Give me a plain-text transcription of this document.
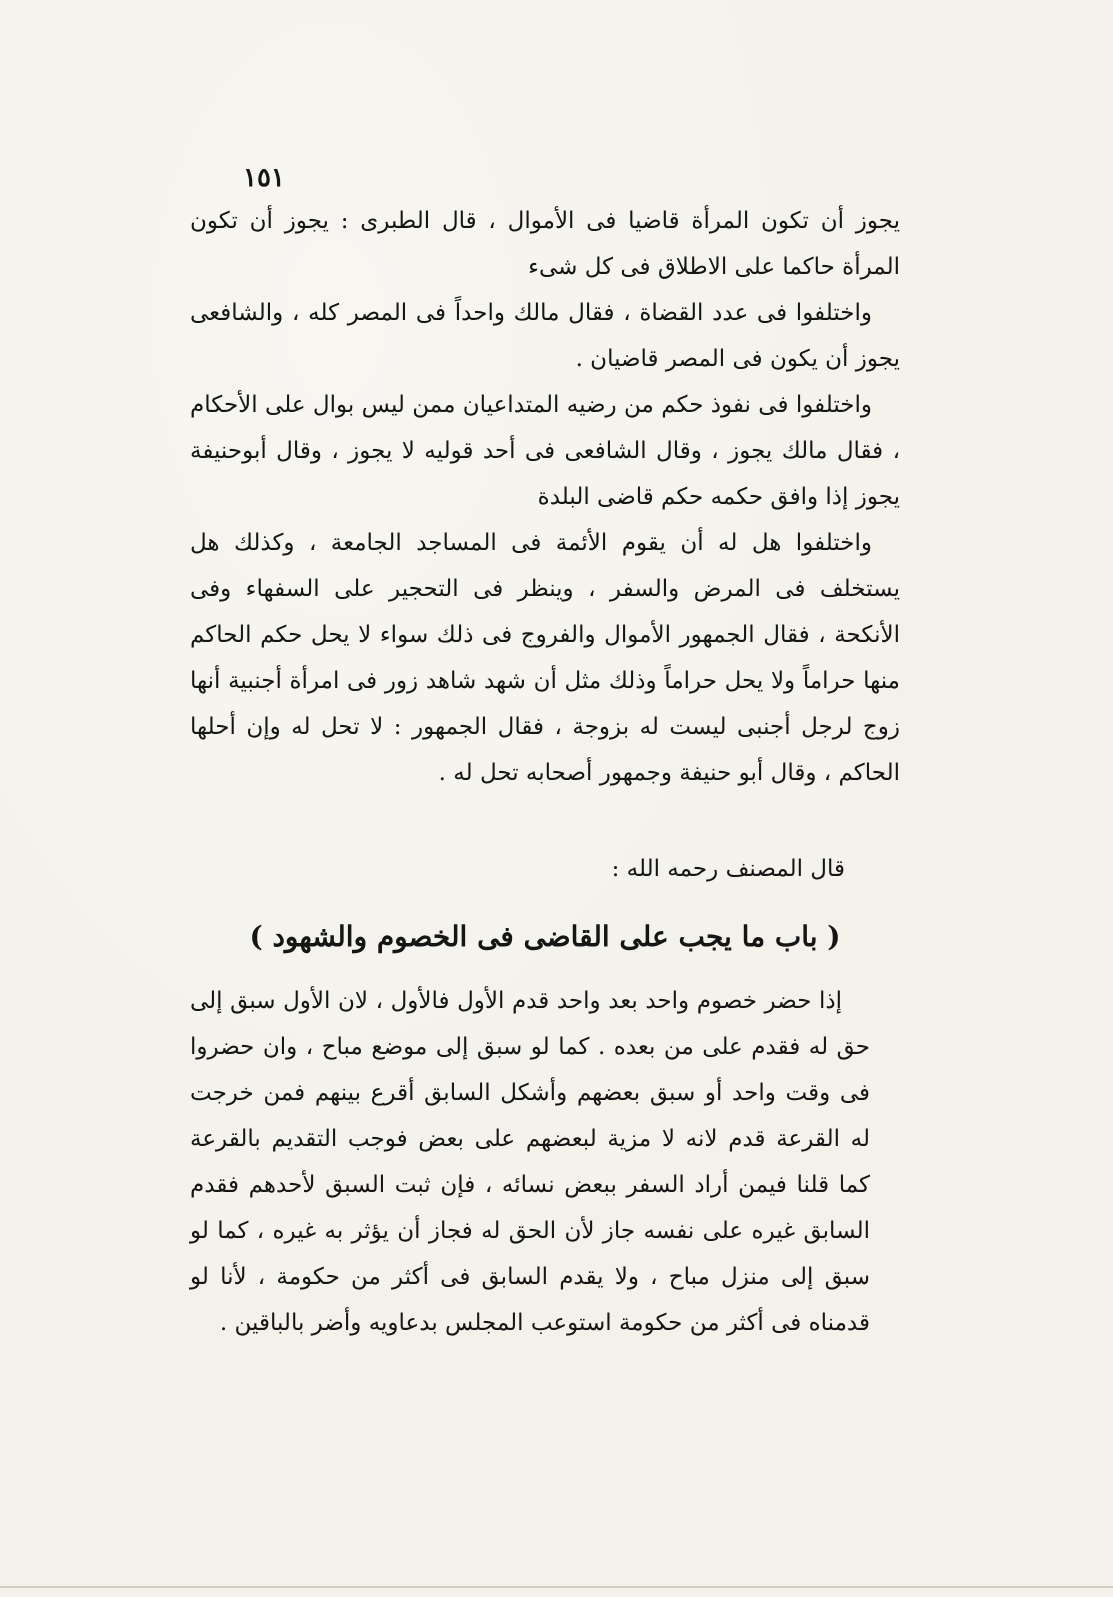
١٥١

يجوز أن تكون المرأة قاضيا فى الأموال ، قال الطبرى : يجوز أن تكون المرأة حاكما على الاطلاق فى كل شىء

واختلفوا فى عدد القضاة ، فقال مالك واحداً فى المصر كله ، والشافعى يجوز أن يكون فى المصر قاضيان .

واختلفوا فى نفوذ حكم من رضيه المتداعيان ممن ليس بوال على الأحكام ، فقال مالك يجوز ، وقال الشافعى فى أحد قوليه لا يجوز ، وقال أبوحنيفة يجوز إذا وافق حكمه حكم قاضى البلدة

واختلفوا هل له أن يقوم الأئمة فى المساجد الجامعة ، وكذلك هل يستخلف فى المرض والسفر ، وينظر فى التحجير على السفهاء وفى الأنكحة ، فقال الجمهور الأموال والفروج فى ذلك سواء لا يحل حكم الحاكم منها حراماً ولا يحل حراماً وذلك مثل أن شهد شاهد زور فى امرأة أجنبية أنها زوج لرجل أجنبى ليست له بزوجة ، فقال الجمهور : لا تحل له وإن أحلها الحاكم ، وقال أبو حنيفة وجمهور أصحابه تحل له .

قال المصنف رحمه الله :
( باب ما يجب على القاضى فى الخصوم والشهود )

إذا حضر خصوم واحد بعد واحد قدم الأول فالأول ، لان الأول سبق إلى حق له فقدم على من بعده . كما لو سبق إلى موضع مباح ، وان حضروا فى وقت واحد أو سبق بعضهم وأشكل السابق أقرع بينهم فمن خرجت له القرعة قدم لانه لا مزية لبعضهم على بعض فوجب التقديم بالقرعة كما قلنا فيمن أراد السفر ببعض نسائه ، فإن ثبت السبق لأحدهم فقدم السابق غيره على نفسه جاز لأن الحق له فجاز أن يؤثر به غيره ، كما لو سبق إلى منزل مباح ، ولا يقدم السابق فى أكثر من حكومة ، لأنا لو قدمناه فى أكثر من حكومة استوعب المجلس بدعاويه وأضر بالباقين .
